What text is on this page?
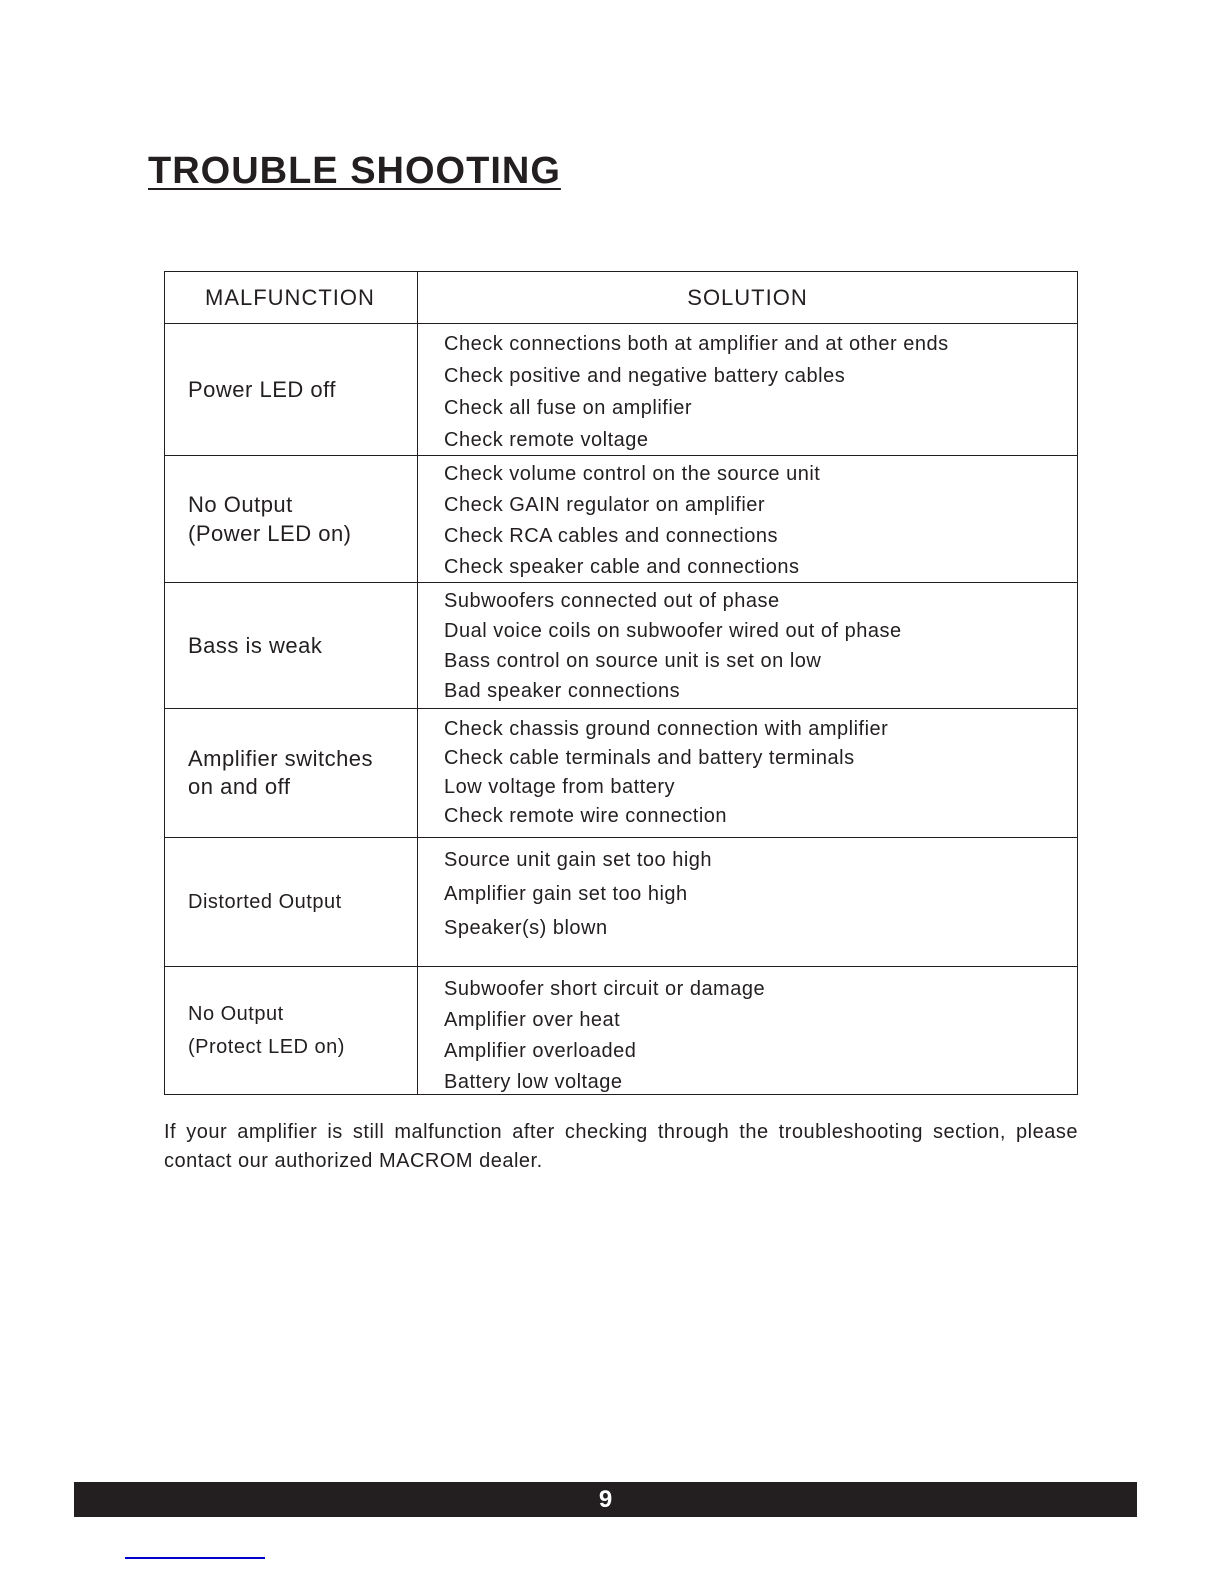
TROUBLE SHOOTING
MALFUNCTION	SOLUTION
Power LED off
Check connections both at amplifier and at other ends
Check positive and negative battery cables
Check all fuse on amplifier
Check remote voltage
No Output
(Power LED on)
Check volume control on the source unit
Check GAIN regulator on amplifier
Check RCA cables and connections
Check speaker cable and connections
Bass is weak
Subwoofers connected out of phase
Dual voice coils on subwoofer wired out of phase
Bass control on source unit is set on low
Bad speaker connections
Amplifier switches
on and off
Check chassis ground connection with amplifier
Check cable terminals and battery terminals
Low voltage from battery
Check remote wire connection
Distorted Output
Source unit gain set too high
Amplifier gain set too high
Speaker(s) blown
No Output
(Protect LED on)
Subwoofer short circuit or damage
Amplifier over heat
Amplifier overloaded
Battery low voltage
If your amplifier is still malfunction after checking through the troubleshooting section, please contact our authorized MACROM dealer.
9
